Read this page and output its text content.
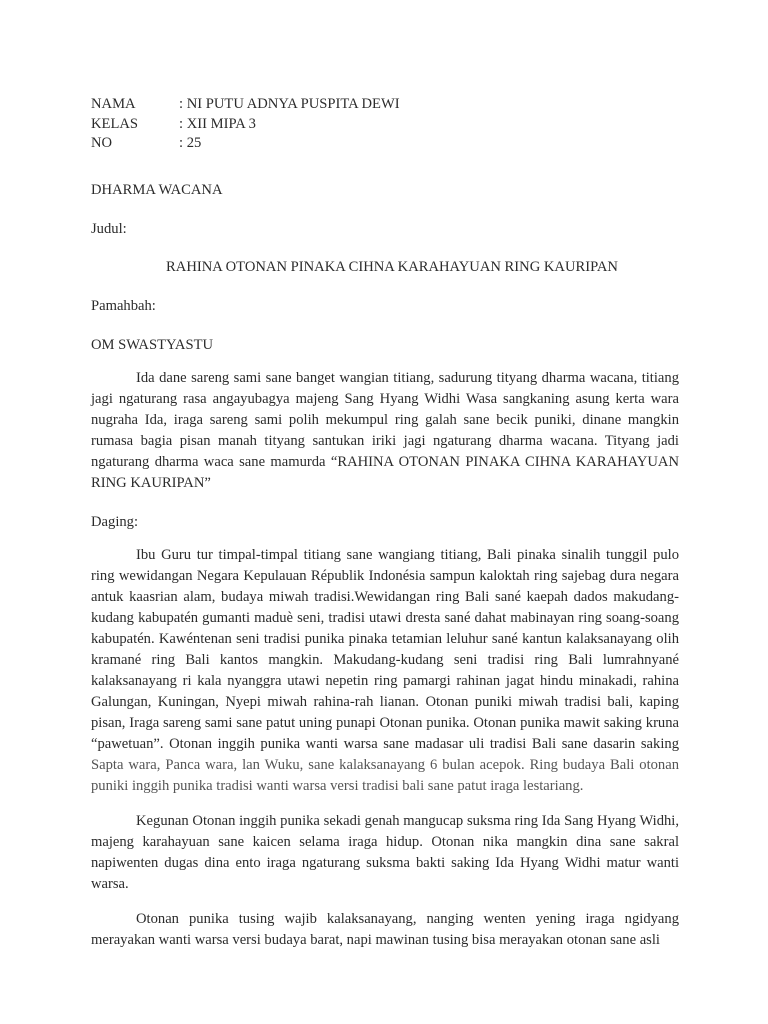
NAMA	: NI PUTU ADNYA PUSPITA DEWI
KELAS	: XII MIPA 3
NO	: 25
DHARMA WACANA
Judul:
RAHINA OTONAN PINAKA CIHNA KARAHAYUAN RING KAURIPAN
Pamahbah:
OM SWASTYASTU

Ida dane sareng sami sane banget wangian titiang, sadurung tityang dharma wacana, titiang jagi ngaturang rasa angayubagya majeng Sang Hyang Widhi Wasa sangkaning asung kerta wara nugraha Ida, iraga sareng sami polih mekumpul ring galah sane becik puniki, dinane mangkin rumasa bagia pisan manah tityang santukan iriki jagi ngaturang dharma wacana. Tityang jadi ngaturang dharma waca sane mamurda “RAHINA OTONAN PINAKA CIHNA KARAHAYUAN RING KAURIPAN”

Daging:

Ibu Guru tur timpal-timpal titiang sane wangiang titiang, Bali pinaka sinalih tunggil pulo ring wewidangan Negara Kepulauan Républik Indonésia sampun kaloktah ring sajebag dura negara antuk kaasrian alam, budaya miwah tradisi.Wewidangan ring Bali sané kaepah dados makudang-kudang kabupatén gumanti maduè seni, tradisi utawi dresta sané dahat mabinayan ring soang-soang kabupatén. Kawéntenan seni tradisi punika pinaka tetamian leluhur sané kantun kalaksanayang olih kramané ring Bali kantos mangkin. Makudang-kudang seni tradisi ring Bali lumrahnyané kalaksanayang ri kala nyanggra utawi nepetin ring pamargi rahinan jagat hindu minakadi, rahina Galungan, Kuningan, Nyepi miwah rahina-rah lianan. Otonan puniki miwah tradisi bali, kaping pisan, Iraga sareng sami sane patut uning punapi Otonan punika. Otonan punika mawit saking kruna “pawetuan”. Otonan inggih punika wanti warsa sane madasar uli tradisi Bali sane dasarin saking Sapta wara, Panca wara, lan Wuku, sane kalaksanayang 6 bulan acepok. Ring budaya Bali otonan puniki inggih punika tradisi wanti warsa versi tradisi bali sane patut iraga lestariang.

Kegunan Otonan inggih punika sekadi genah mangucap suksma ring Ida Sang Hyang Widhi, majeng karahayuan sane kaicen selama iraga hidup. Otonan nika mangkin dina sane sakral napiwenten dugas dina ento iraga ngaturang suksma bakti saking Ida Hyang Widhi matur wanti warsa.

Otonan punika tusing wajib kalaksanayang, nanging wenten yening iraga ngidyang merayakan wanti warsa versi budaya barat, napi mawinan tusing bisa merayakan otonan sane asli
